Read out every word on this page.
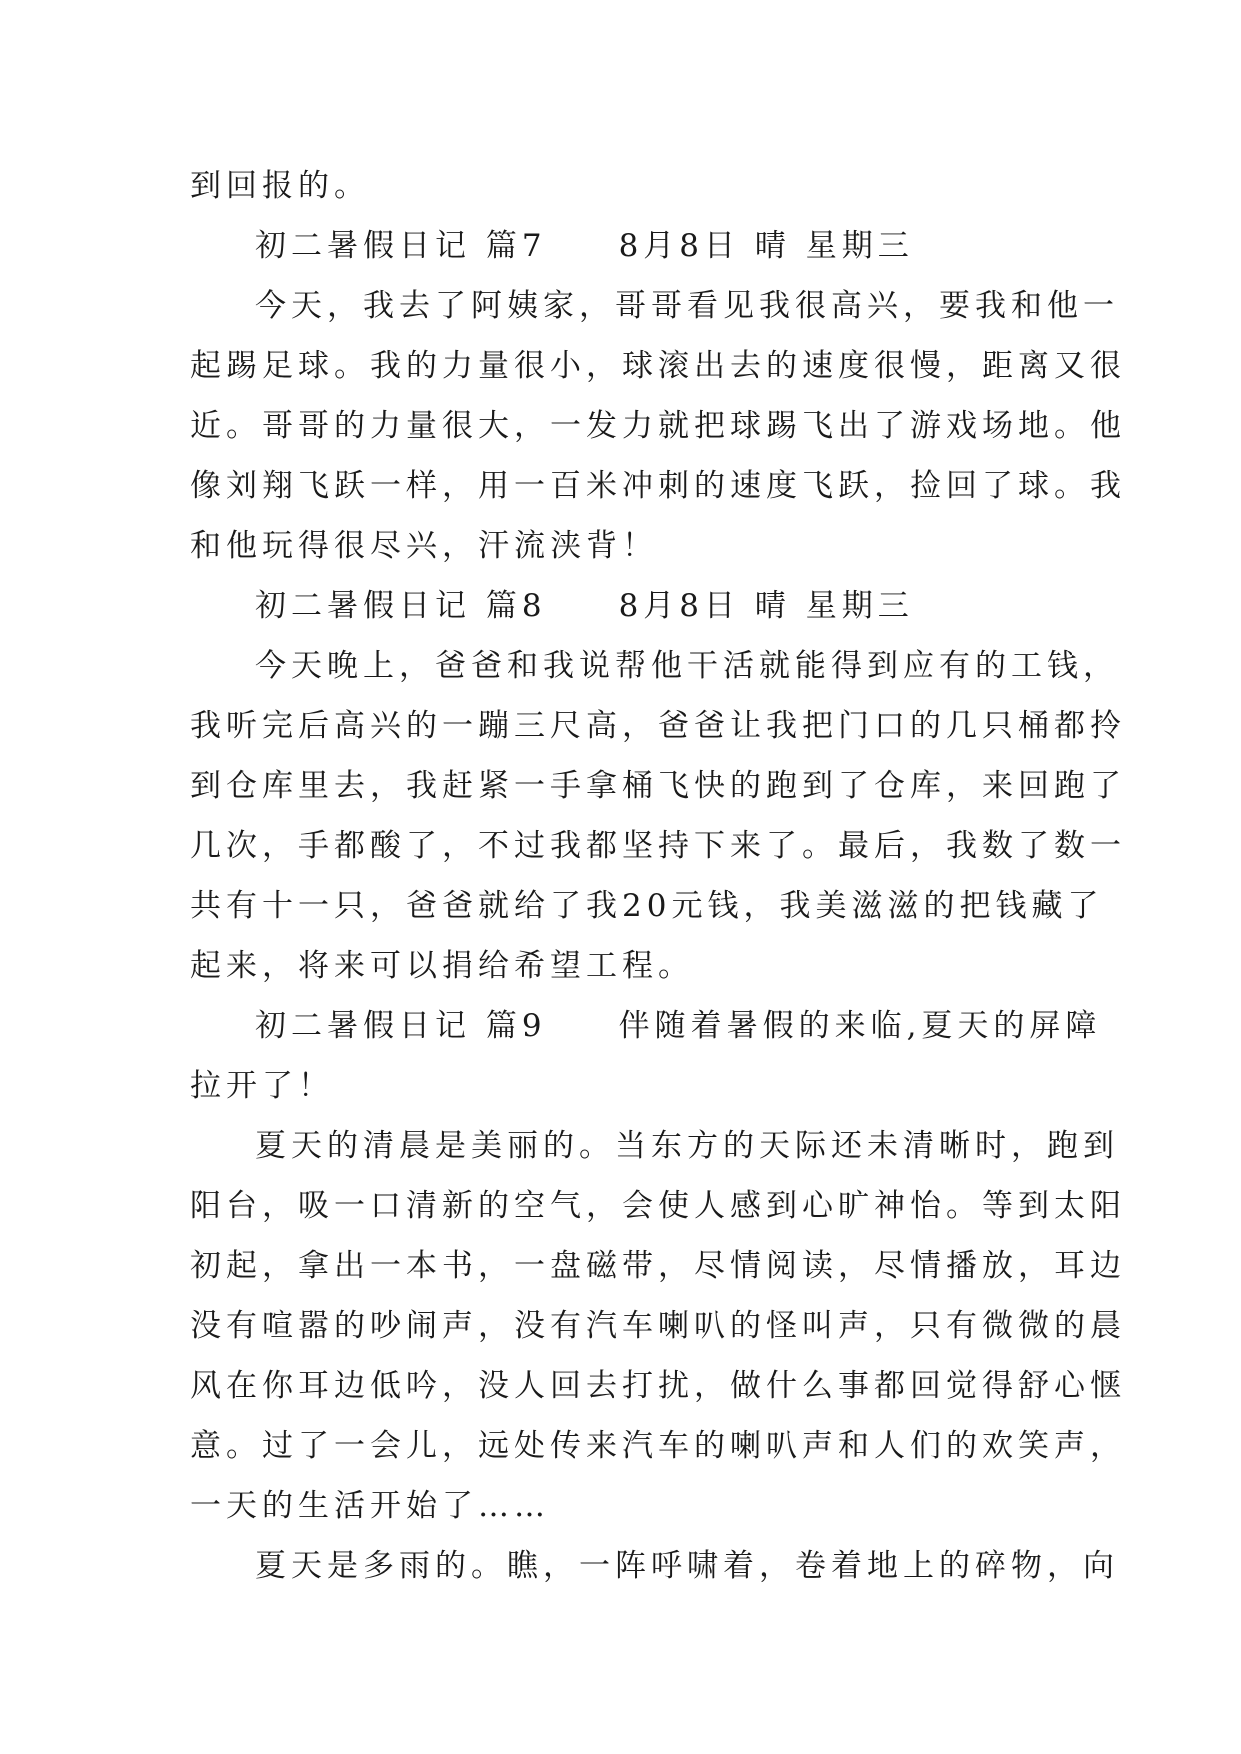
到回报的。
初二暑假日记 篇7　　8月8日 晴 星期三
今天，我去了阿姨家，哥哥看见我很高兴，要我和他一
起踢足球。我的力量很小，球滚出去的速度很慢，距离又很
近。哥哥的力量很大，一发力就把球踢飞出了游戏场地。他
像刘翔飞跃一样，用一百米冲刺的速度飞跃，捡回了球。我
和他玩得很尽兴，汗流浃背！
初二暑假日记 篇8　　8月8日 晴 星期三
今天晚上，爸爸和我说帮他干活就能得到应有的工钱，
我听完后高兴的一蹦三尺高，爸爸让我把门口的几只桶都拎
到仓库里去，我赶紧一手拿桶飞快的跑到了仓库，来回跑了
几次，手都酸了，不过我都坚持下来了。最后，我数了数一
共有十一只，爸爸就给了我20元钱，我美滋滋的把钱藏了
起来，将来可以捐给希望工程。
初二暑假日记 篇9　　伴随着暑假的来临,夏天的屏障
拉开了！
夏天的清晨是美丽的。当东方的天际还未清晰时，跑到
阳台，吸一口清新的空气，会使人感到心旷神怡。等到太阳
初起，拿出一本书，一盘磁带，尽情阅读，尽情播放，耳边
没有喧嚣的吵闹声，没有汽车喇叭的怪叫声，只有微微的晨
风在你耳边低吟，没人回去打扰，做什么事都回觉得舒心惬
意。过了一会儿，远处传来汽车的喇叭声和人们的欢笑声，
一天的生活开始了……
夏天是多雨的。瞧，一阵呼啸着，卷着地上的碎物，向
